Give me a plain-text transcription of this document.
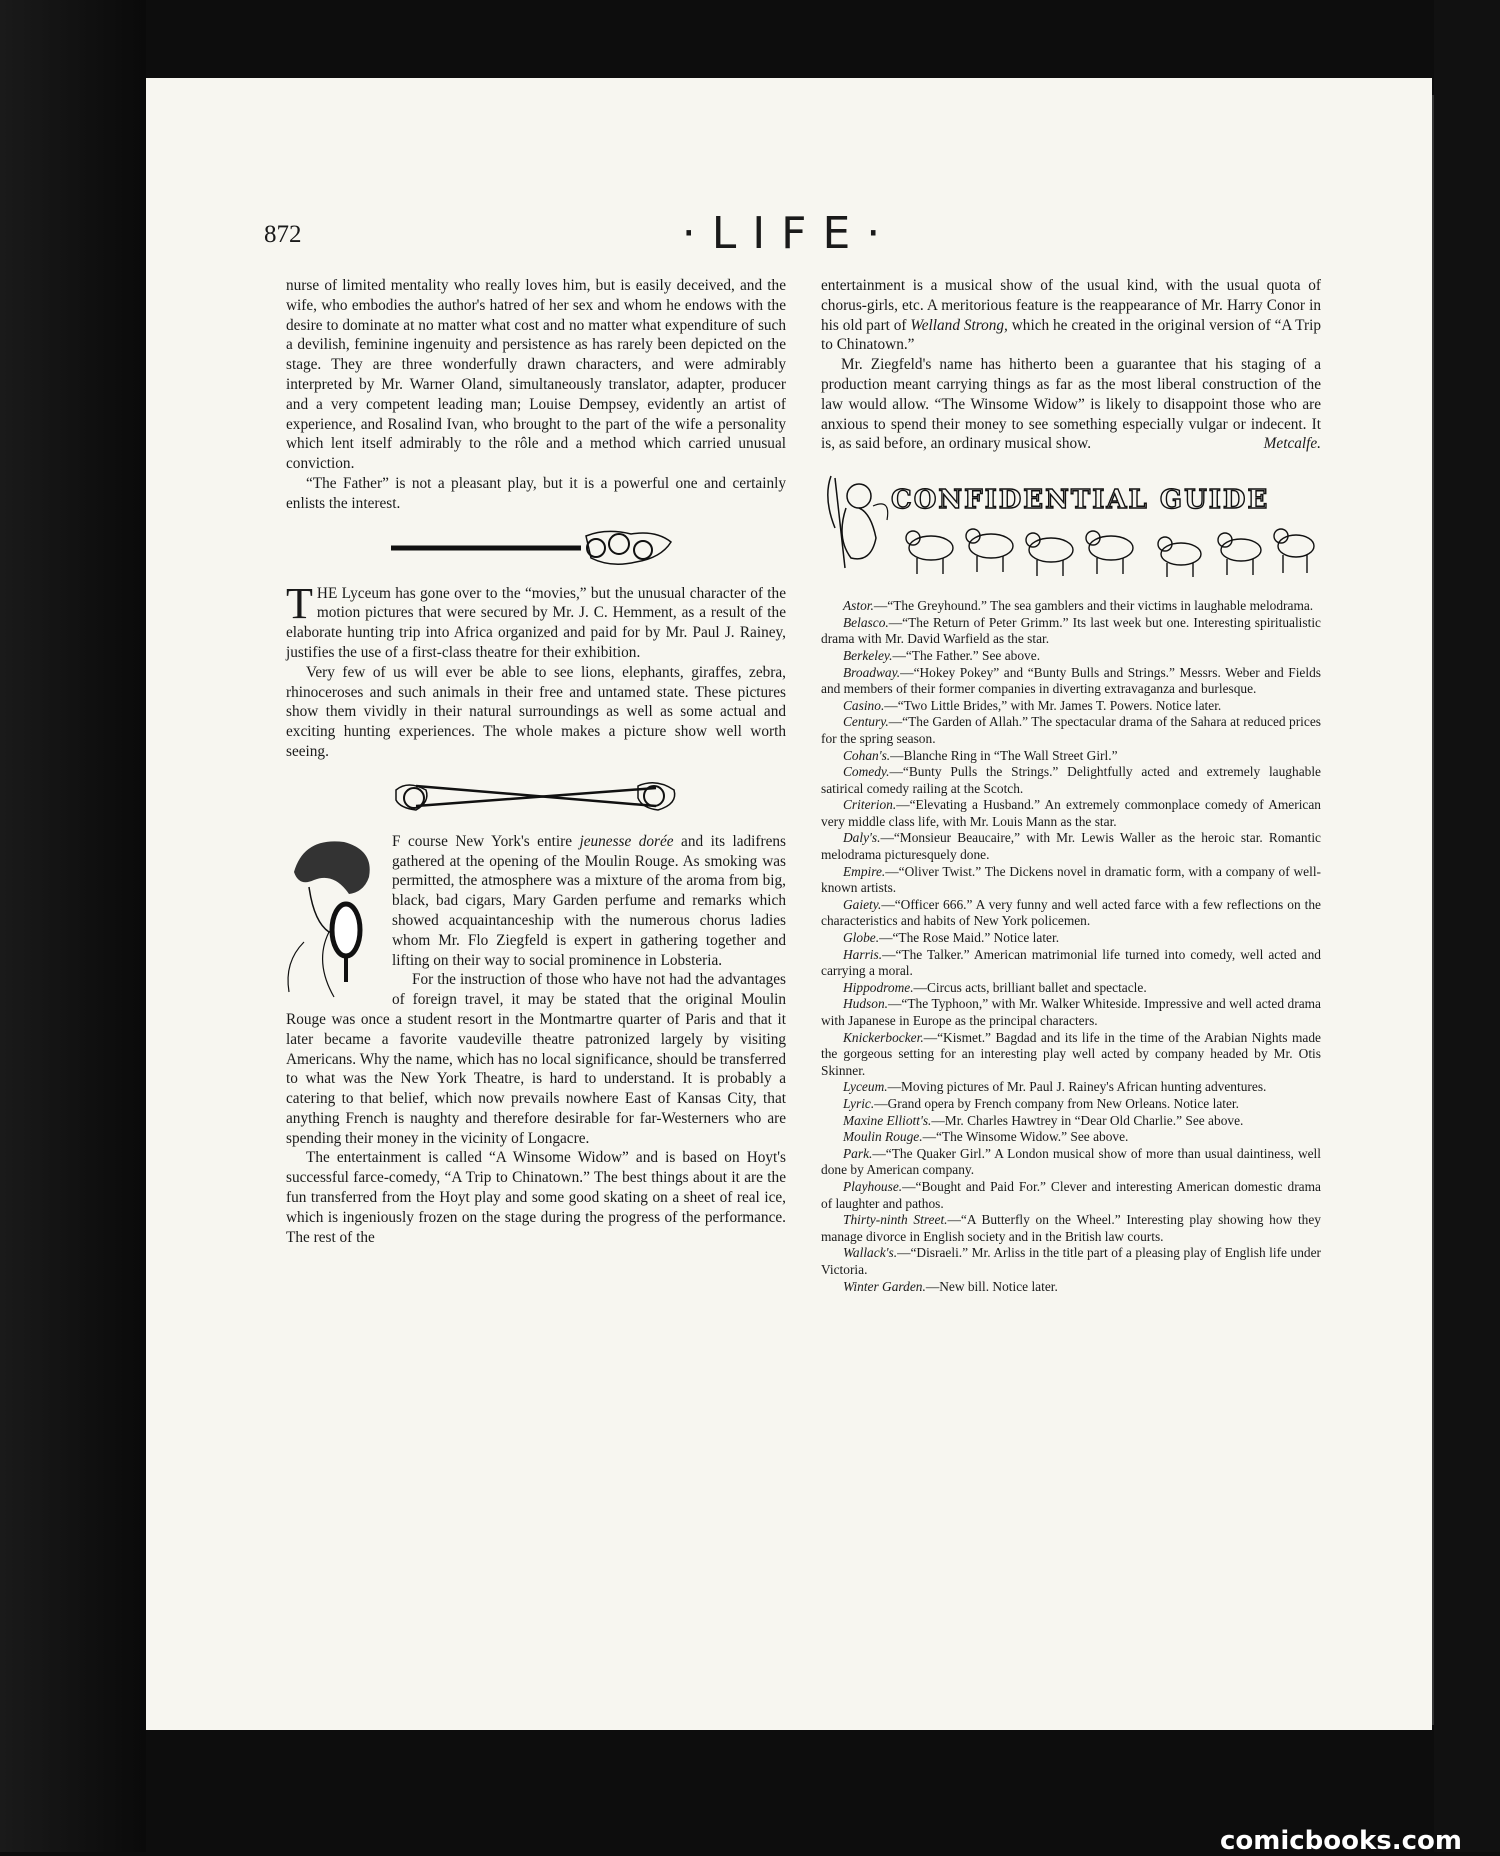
872	·LIFE·

nurse of limited mentality who really loves him, but is easily deceived, and the wife, who embodies the author's hatred of her sex and whom he endows with the desire to dominate at no matter what cost and no matter what expenditure of such a devilish, feminine ingenuity and persistence as has rarely been depicted on the stage. They are three wonderfully drawn characters, and were admirably interpreted by Mr. Warner Oland, simultaneously translator, adapter, producer and a very competent leading man; Louise Dempsey, evidently an artist of experience, and Rosalind Ivan, who brought to the part of the wife a personality which lent itself admirably to the rôle and a method which carried unusual conviction.

“The Father” is not a pleasant play, but it is a powerful one and certainly enlists the interest.

THE Lyceum has gone over to the “movies,” but the unusual character of the motion pictures that were secured by Mr. J. C. Hemment, as a result of the elaborate hunting trip into Africa organized and paid for by Mr. Paul J. Rainey, justifies the use of a first-class theatre for their exhibition.

Very few of us will ever be able to see lions, elephants, giraffes, zebra, rhinoceroses and such animals in their free and untamed state. These pictures show them vividly in their natural surroundings as well as some actual and exciting hunting experiences. The whole makes a picture show well worth seeing.

F course New York's entire jeunesse dorée and its ladifrens gathered at the opening of the Moulin Rouge. As smoking was permitted, the atmosphere was a mixture of the aroma from big, black, bad cigars, Mary Garden perfume and remarks which showed acquaintanceship with the numerous chorus ladies whom Mr. Flo Ziegfeld is expert in gathering together and lifting on their way to social prominence in Lobsteria.

For the instruction of those who have not had the advantages of foreign travel, it may be stated that the original Moulin Rouge was once a student resort in the Montmartre quarter of Paris and that it later became a favorite vaudeville theatre patronized largely by visiting Americans. Why the name, which has no local significance, should be transferred to what was the New York Theatre, is hard to understand. It is probably a catering to that belief, which now prevails nowhere East of Kansas City, that anything French is naughty and therefore desirable for far-Westerners who are spending their money in the vicinity of Longacre.

The entertainment is called “A Winsome Widow” and is based on Hoyt's successful farce-comedy, “A Trip to Chinatown.” The best things about it are the fun transferred from the Hoyt play and some good skating on a sheet of real ice, which is ingeniously frozen on the stage during the progress of the performance. The rest of the

entertainment is a musical show of the usual kind, with the usual quota of chorus-girls, etc. A meritorious feature is the reappearance of Mr. Harry Conor in his old part of Welland Strong, which he created in the original version of “A Trip to Chinatown.”

Mr. Ziegfeld's name has hitherto been a guarantee that his staging of a production meant carrying things as far as the most liberal construction of the law would allow. “The Winsome Widow” is likely to disappoint those who are anxious to spend their money to see something especially vulgar or indecent. It is, as said before, an ordinary musical show.	Metcalfe.

CONFIDENTIAL GUIDE
Astor.—“The Greyhound.” The sea gamblers and their victims in laughable melodrama.
Belasco.—“The Return of Peter Grimm.” Its last week but one. Interesting spiritualistic drama with Mr. David Warfield as the star.
Berkeley.—“The Father.” See above.
Broadway.—“Hokey Pokey” and “Bunty Bulls and Strings.” Messrs. Weber and Fields and members of their former companies in diverting extravaganza and burlesque.
Casino.—“Two Little Brides,” with Mr. James T. Powers. Notice later.
Century.—“The Garden of Allah.” The spectacular drama of the Sahara at reduced prices for the spring season.
Cohan's.—Blanche Ring in “The Wall Street Girl.”
Comedy.—“Bunty Pulls the Strings.” Delightfully acted and extremely laughable satirical comedy railing at the Scotch.
Criterion.—“Elevating a Husband.” An extremely commonplace comedy of American very middle class life, with Mr. Louis Mann as the star.
Daly's.—“Monsieur Beaucaire,” with Mr. Lewis Waller as the heroic star. Romantic melodrama picturesquely done.
Empire.—“Oliver Twist.” The Dickens novel in dramatic form, with a company of well-known artists.
Gaiety.—“Officer 666.” A very funny and well acted farce with a few reflections on the characteristics and habits of New York policemen.
Globe.—“The Rose Maid.” Notice later.
Harris.—“The Talker.” American matrimonial life turned into comedy, well acted and carrying a moral.
Hippodrome.—Circus acts, brilliant ballet and spectacle.
Hudson.—“The Typhoon,” with Mr. Walker Whiteside. Impressive and well acted drama with Japanese in Europe as the principal characters.
Knickerbocker.—“Kismet.” Bagdad and its life in the time of the Arabian Nights made the gorgeous setting for an interesting play well acted by company headed by Mr. Otis Skinner.
Lyceum.—Moving pictures of Mr. Paul J. Rainey's African hunting adventures.
Lyric.—Grand opera by French company from New Orleans. Notice later.
Maxine Elliott's.—Mr. Charles Hawtrey in “Dear Old Charlie.” See above.
Moulin Rouge.—“The Winsome Widow.” See above.
Park.—“The Quaker Girl.” A London musical show of more than usual daintiness, well done by American company.
Playhouse.—“Bought and Paid For.” Clever and interesting American domestic drama of laughter and pathos.
Thirty-ninth Street.—“A Butterfly on the Wheel.” Interesting play showing how they manage divorce in English society and in the British law courts.
Wallack's.—“Disraeli.” Mr. Arliss in the title part of a pleasing play of English life under Victoria.
Winter Garden.—New bill. Notice later.
comicbooks.com
